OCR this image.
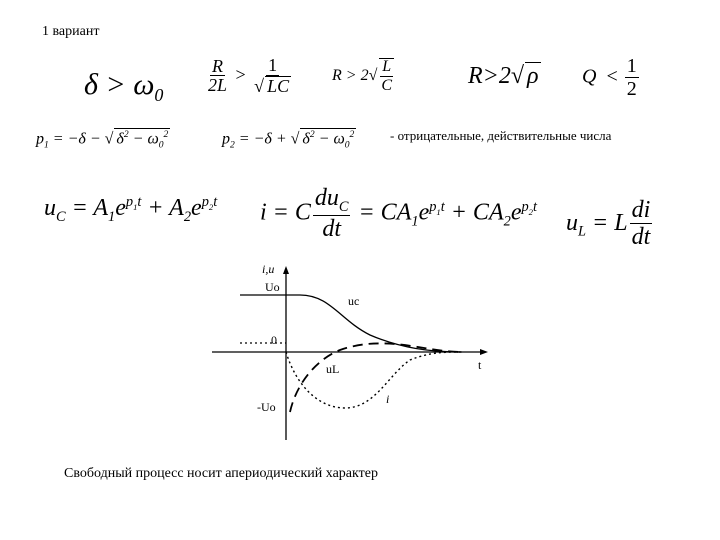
1 вариант
$\delta > \omega_0 \frac{R}{2L} > \frac{1}{√ LC}$ $R > 2√ \frac{L}{C}$	R>2√ ρ $Q < \frac{1}{2}$
$p_1 = -\delta$ − √ $\delta^2 - \omega_0^2$	$p_2 = -\delta$ + √ $\delta^2 - \omega_0^2$	- отрицательные, действительные числа
$u_C = A_1e^{p_1t} + A_2e^{p_2t}$ i = C $\frac{du_C}{dt} = CA_1e^{p_1t} + CA_2e^{p_2t}$
$u_L = L \frac{di}{dt}$
i,u
Uo
uc
0
t
uL
i
-Uo
Свободный процесс носит апериодический характер
